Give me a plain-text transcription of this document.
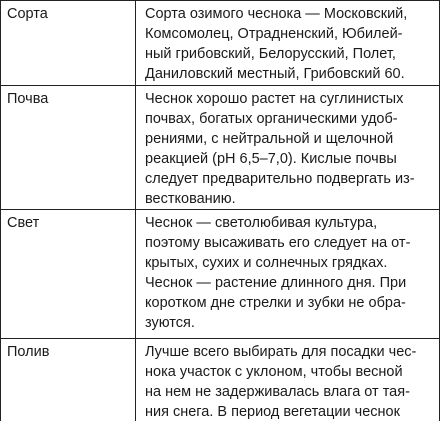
Сорта	Сорта озимого чеснока — Московский,
Комсомолец, Отрадненский, Юбилей-
ный грибовский, Белорусский, Полет,
Даниловский местный, Грибовский 60.
Почва	Чеснок хорошо растет на суглинистых
почвах, богатых органическими удоб-
рениями, с нейтральной и щелочной
реакцией (рН 6,5–7,0). Кислые почвы
следует предварительно подвергать из-
весткованию.
Свет	Чеснок — светолюбивая культура,
поэтому высаживать его следует на от-
крытых, сухих и солнечных грядках.
Чеснок — растение длинного дня. При
коротком дне стрелки и зубки не обра-
зуются.
Полив	Лучше всего выбирать для посадки чес-
нока участок с уклоном, чтобы весной
на нем не задерживалась влага от тая-
ния снега. В период вегетации чеснок
